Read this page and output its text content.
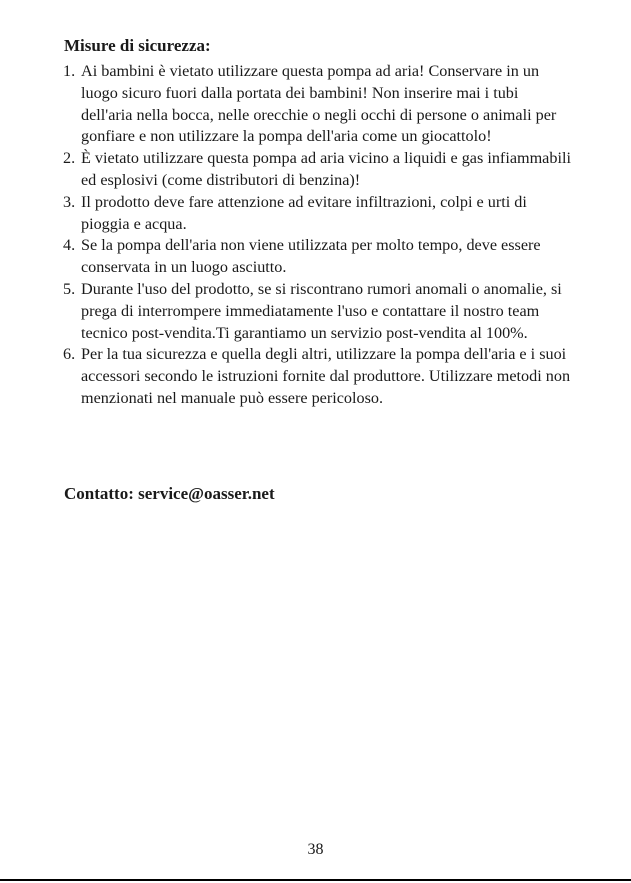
Misure di sicurezza:
1. Ai bambini è vietato utilizzare questa pompa ad aria! Conservare in un luogo sicuro fuori dalla portata dei bambini! Non inserire mai i tubi dell'aria nella bocca, nelle orecchie o negli occhi di persone o animali per gonfiare e non utilizzare la pompa dell'aria come un giocattolo!
2. È vietato utilizzare questa pompa ad aria vicino a liquidi e gas infiammabili ed esplosivi (come distributori di benzina)!
3. Il prodotto deve fare attenzione ad evitare infiltrazioni, colpi e urti di pioggia e acqua.
4. Se la pompa dell'aria non viene utilizzata per molto tempo, deve essere conservata in un luogo asciutto.
5. Durante l'uso del prodotto, se si riscontrano rumori anomali o anomalie, si prega di interrompere immediatamente l'uso e contattare il nostro team tecnico post-vendita.Ti garantiamo un servizio post-vendita al 100%.
6. Per la tua sicurezza e quella degli altri, utilizzare la pompa dell'aria e i suoi accessori secondo le istruzioni fornite dal produttore. Utilizzare metodi non menzionati nel manuale può essere pericoloso.

Contatto: service@oasser.net

38
